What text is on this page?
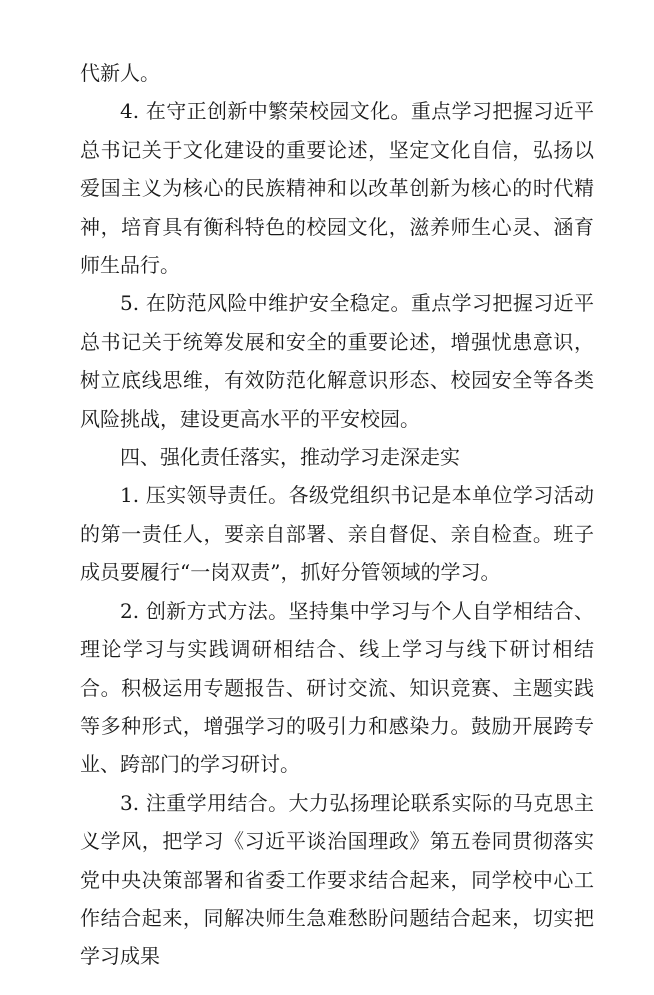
代新人。

4. 在守正创新中繁荣校园文化。重点学习把握习近平总书记关于文化建设的重要论述，坚定文化自信，弘扬以爱国主义为核心的民族精神和以改革创新为核心的时代精神，培育具有衡科特色的校园文化，滋养师生心灵、涵育师生品行。

5. 在防范风险中维护安全稳定。重点学习把握习近平总书记关于统筹发展和安全的重要论述，增强忧患意识，树立底线思维，有效防范化解意识形态、校园安全等各类风险挑战，建设更高水平的平安校园。

四、强化责任落实，推动学习走深走实

1. 压实领导责任。各级党组织书记是本单位学习活动的第一责任人，要亲自部署、亲自督促、亲自检查。班子成员要履行“一岗双责”，抓好分管领域的学习。

2. 创新方式方法。坚持集中学习与个人自学相结合、理论学习与实践调研相结合、线上学习与线下研讨相结合。积极运用专题报告、研讨交流、知识竞赛、主题实践等多种形式，增强学习的吸引力和感染力。鼓励开展跨专业、跨部门的学习研讨。

3. 注重学用结合。大力弘扬理论联系实际的马克思主义学风，把学习《习近平谈治国理政》第五卷同贯彻落实党中央决策部署和省委工作要求结合起来，同学校中心工作结合起来，同解决师生急难愁盼问题结合起来，切实把学习成果
